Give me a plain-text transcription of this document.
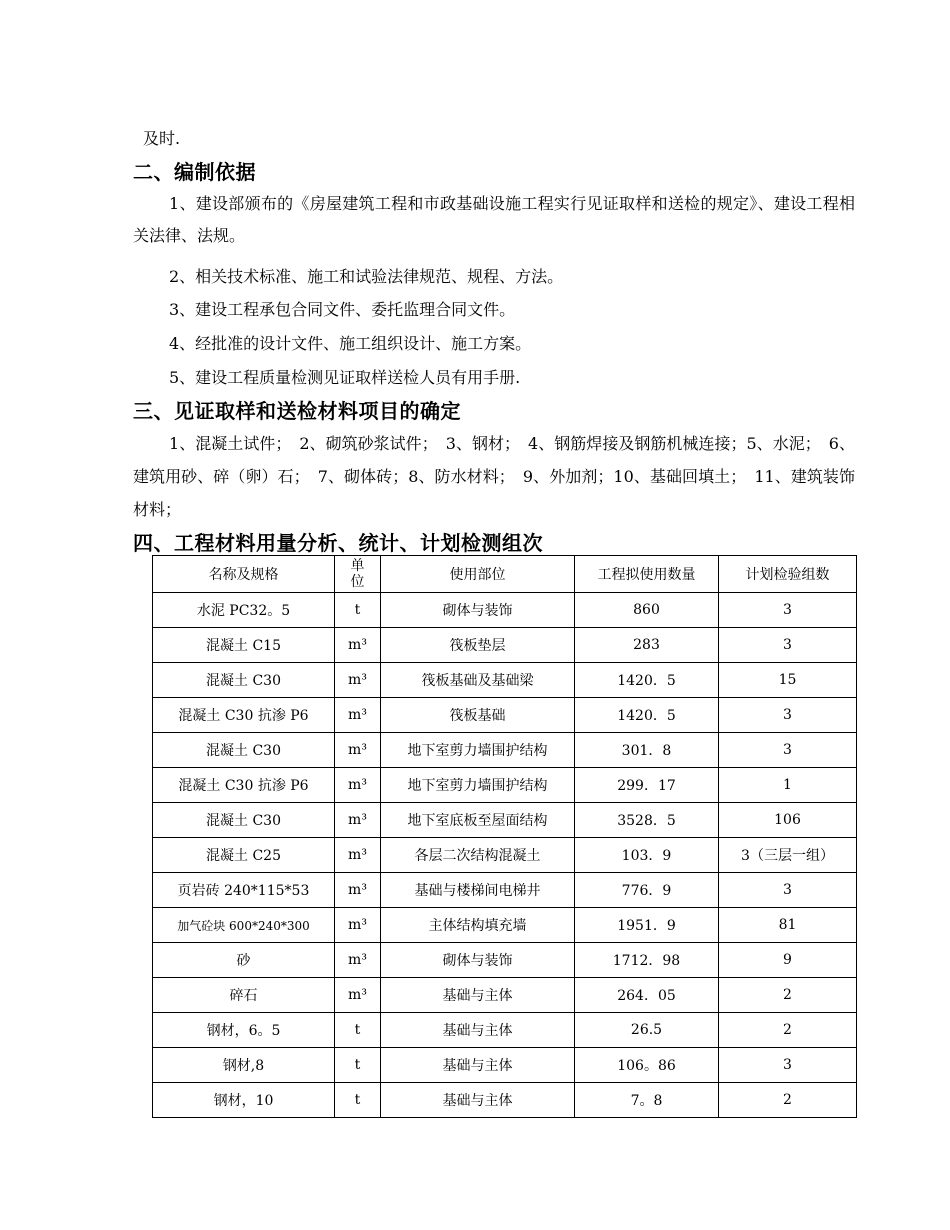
及时.
二、编制依据
1、建设部颁布的《房屋建筑工程和市政基础设施工程实行见证取样和送检的规定》、建设工程相关法律、法规。
2、相关技术标准、施工和试验法律规范、规程、方法。
3、建设工程承包合同文件、委托监理合同文件。
4、经批准的设计文件、施工组织设计、施工方案。
5、建设工程质量检测见证取样送检人员有用手册.
三、见证取样和送检材料项目的确定
1、混凝土试件；　2、砌筑砂浆试件；　3、钢材；　4、钢筋焊接及钢筋机械连接；5、水泥；　6、建筑用砂、碎（卵）石；　7、砌体砖；8、防水材料；　9、外加剂；10、基础回填土；　11、建筑装饰材料；
四、工程材料用量分析、统计、计划检测组次
名称及规格	单位	使用部位	工程拟使用数量	计划检验组数
水泥 PC32。5	t	砌体与装饰	860	3
混凝土 C15	m³	筏板垫层	283	3
混凝土 C30	m³	筏板基础及基础梁	1420．5	15
混凝土 C30 抗渗 P6	m³	筏板基础	1420．5	3
混凝土 C30	m³	地下室剪力墙围护结构	301．8	3
混凝土 C30 抗渗 P6	m³	地下室剪力墙围护结构	299．17	1
混凝土 C30	m³	地下室底板至屋面结构	3528．5	106
混凝土 C25	m³	各层二次结构混凝土	103．9	3（三层一组）
页岩砖 240*115*53	m³	基础与楼梯间电梯井	776．9	3
加气砼块 600*240*300	m³	主体结构填充墙	1951．9	81
砂	m³	砌体与装饰	1712．98	9
碎石	m³	基础与主体	264．05	2
钢材，6。5	t	基础与主体	26.5	2
钢材,8	t	基础与主体	106。86	3
钢材，10	t	基础与主体	7。8	2
